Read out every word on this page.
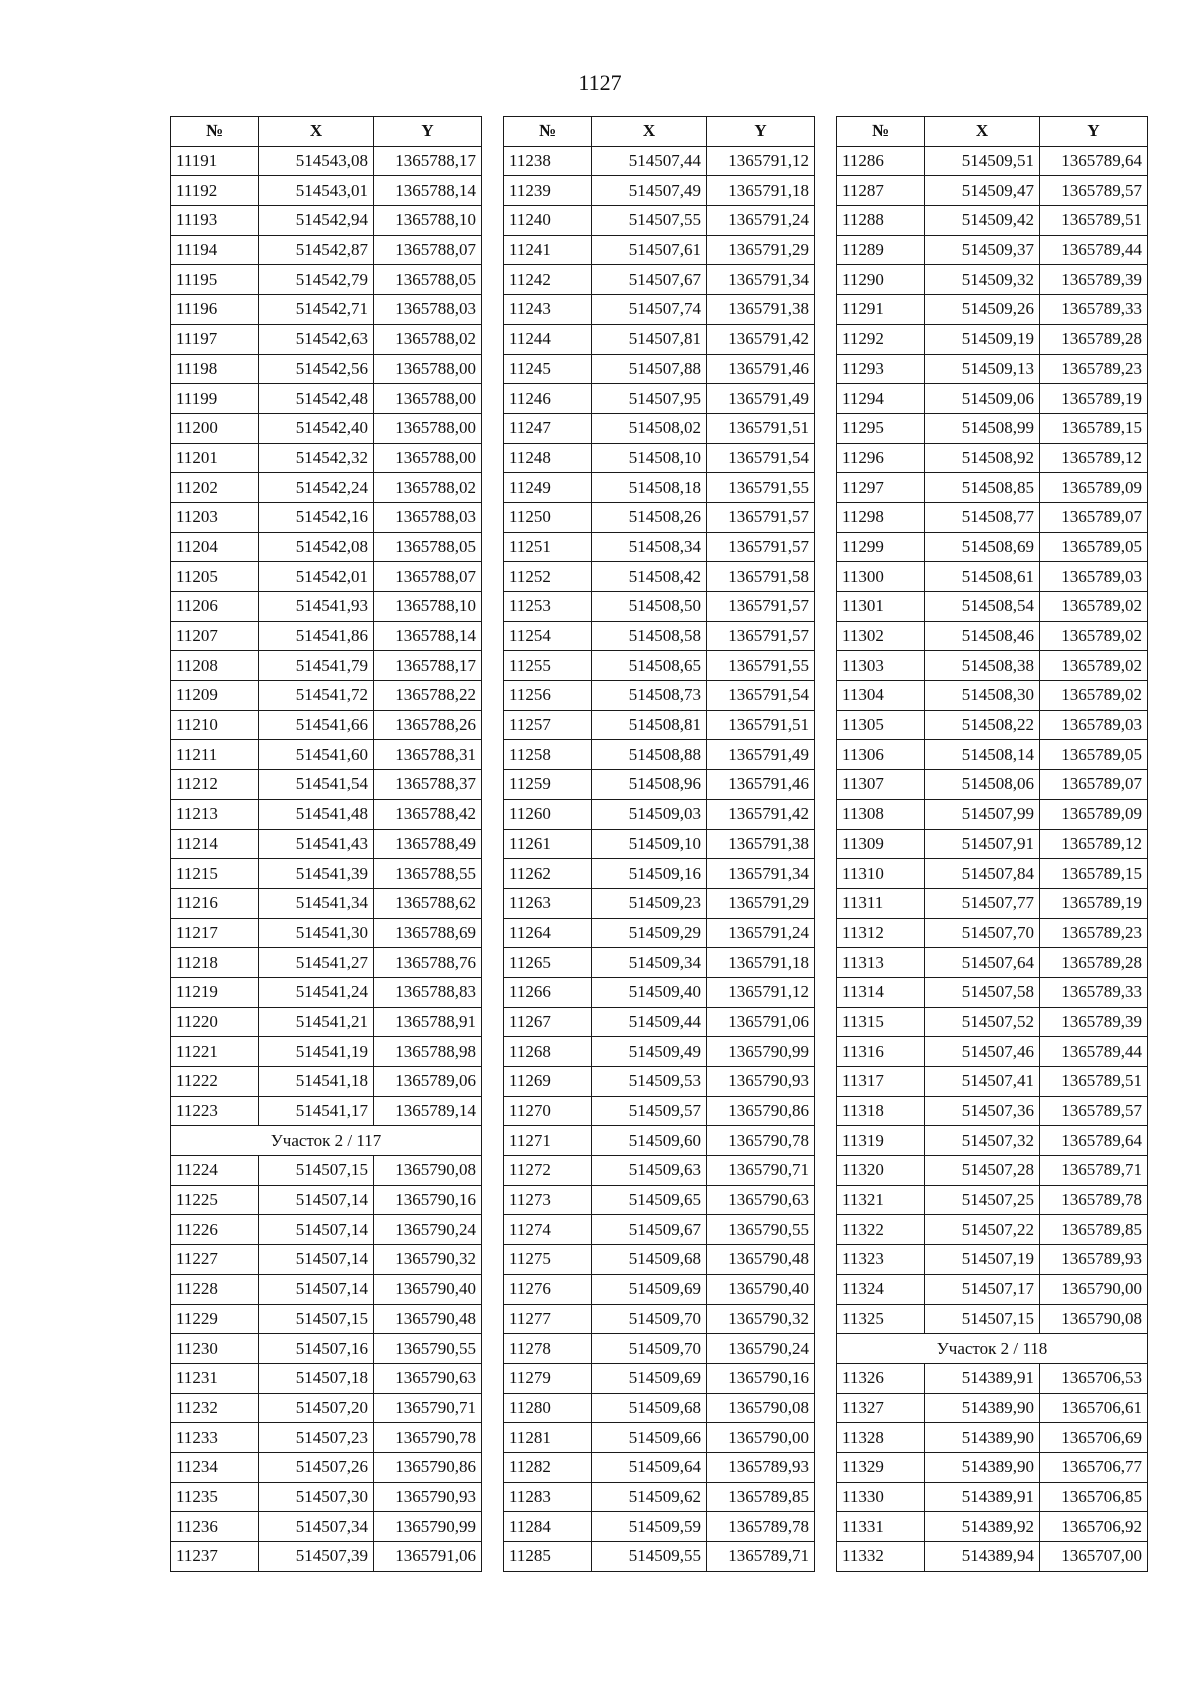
1127
№	X	Y
11191	514543,08	1365788,17
11192	514543,01	1365788,14
11193	514542,94	1365788,10
11194	514542,87	1365788,07
11195	514542,79	1365788,05
11196	514542,71	1365788,03
11197	514542,63	1365788,02
11198	514542,56	1365788,00
11199	514542,48	1365788,00
11200	514542,40	1365788,00
11201	514542,32	1365788,00
11202	514542,24	1365788,02
11203	514542,16	1365788,03
11204	514542,08	1365788,05
11205	514542,01	1365788,07
11206	514541,93	1365788,10
11207	514541,86	1365788,14
11208	514541,79	1365788,17
11209	514541,72	1365788,22
11210	514541,66	1365788,26
11211	514541,60	1365788,31
11212	514541,54	1365788,37
11213	514541,48	1365788,42
11214	514541,43	1365788,49
11215	514541,39	1365788,55
11216	514541,34	1365788,62
11217	514541,30	1365788,69
11218	514541,27	1365788,76
11219	514541,24	1365788,83
11220	514541,21	1365788,91
11221	514541,19	1365788,98
11222	514541,18	1365789,06
11223	514541,17	1365789,14
Участок 2 / 117		
11224	514507,15	1365790,08
11225	514507,14	1365790,16
11226	514507,14	1365790,24
11227	514507,14	1365790,32
11228	514507,14	1365790,40
11229	514507,15	1365790,48
11230	514507,16	1365790,55
11231	514507,18	1365790,63
11232	514507,20	1365790,71
11233	514507,23	1365790,78
11234	514507,26	1365790,86
11235	514507,30	1365790,93
11236	514507,34	1365790,99
11237	514507,39	1365791,06
№	X	Y
11238	514507,44	1365791,12
11239	514507,49	1365791,18
11240	514507,55	1365791,24
11241	514507,61	1365791,29
11242	514507,67	1365791,34
11243	514507,74	1365791,38
11244	514507,81	1365791,42
11245	514507,88	1365791,46
11246	514507,95	1365791,49
11247	514508,02	1365791,51
11248	514508,10	1365791,54
11249	514508,18	1365791,55
11250	514508,26	1365791,57
11251	514508,34	1365791,57
11252	514508,42	1365791,58
11253	514508,50	1365791,57
11254	514508,58	1365791,57
11255	514508,65	1365791,55
11256	514508,73	1365791,54
11257	514508,81	1365791,51
11258	514508,88	1365791,49
11259	514508,96	1365791,46
11260	514509,03	1365791,42
11261	514509,10	1365791,38
11262	514509,16	1365791,34
11263	514509,23	1365791,29
11264	514509,29	1365791,24
11265	514509,34	1365791,18
11266	514509,40	1365791,12
11267	514509,44	1365791,06
11268	514509,49	1365790,99
11269	514509,53	1365790,93
11270	514509,57	1365790,86
11271	514509,60	1365790,78
11272	514509,63	1365790,71
11273	514509,65	1365790,63
11274	514509,67	1365790,55
11275	514509,68	1365790,48
11276	514509,69	1365790,40
11277	514509,70	1365790,32
11278	514509,70	1365790,24
11279	514509,69	1365790,16
11280	514509,68	1365790,08
11281	514509,66	1365790,00
11282	514509,64	1365789,93
11283	514509,62	1365789,85
11284	514509,59	1365789,78
11285	514509,55	1365789,71
№	X	Y
11286	514509,51	1365789,64
11287	514509,47	1365789,57
11288	514509,42	1365789,51
11289	514509,37	1365789,44
11290	514509,32	1365789,39
11291	514509,26	1365789,33
11292	514509,19	1365789,28
11293	514509,13	1365789,23
11294	514509,06	1365789,19
11295	514508,99	1365789,15
11296	514508,92	1365789,12
11297	514508,85	1365789,09
11298	514508,77	1365789,07
11299	514508,69	1365789,05
11300	514508,61	1365789,03
11301	514508,54	1365789,02
11302	514508,46	1365789,02
11303	514508,38	1365789,02
11304	514508,30	1365789,02
11305	514508,22	1365789,03
11306	514508,14	1365789,05
11307	514508,06	1365789,07
11308	514507,99	1365789,09
11309	514507,91	1365789,12
11310	514507,84	1365789,15
11311	514507,77	1365789,19
11312	514507,70	1365789,23
11313	514507,64	1365789,28
11314	514507,58	1365789,33
11315	514507,52	1365789,39
11316	514507,46	1365789,44
11317	514507,41	1365789,51
11318	514507,36	1365789,57
11319	514507,32	1365789,64
11320	514507,28	1365789,71
11321	514507,25	1365789,78
11322	514507,22	1365789,85
11323	514507,19	1365789,93
11324	514507,17	1365790,00
11325	514507,15	1365790,08
Участок 2 / 118		
11326	514389,91	1365706,53
11327	514389,90	1365706,61
11328	514389,90	1365706,69
11329	514389,90	1365706,77
11330	514389,91	1365706,85
11331	514389,92	1365706,92
11332	514389,94	1365707,00
